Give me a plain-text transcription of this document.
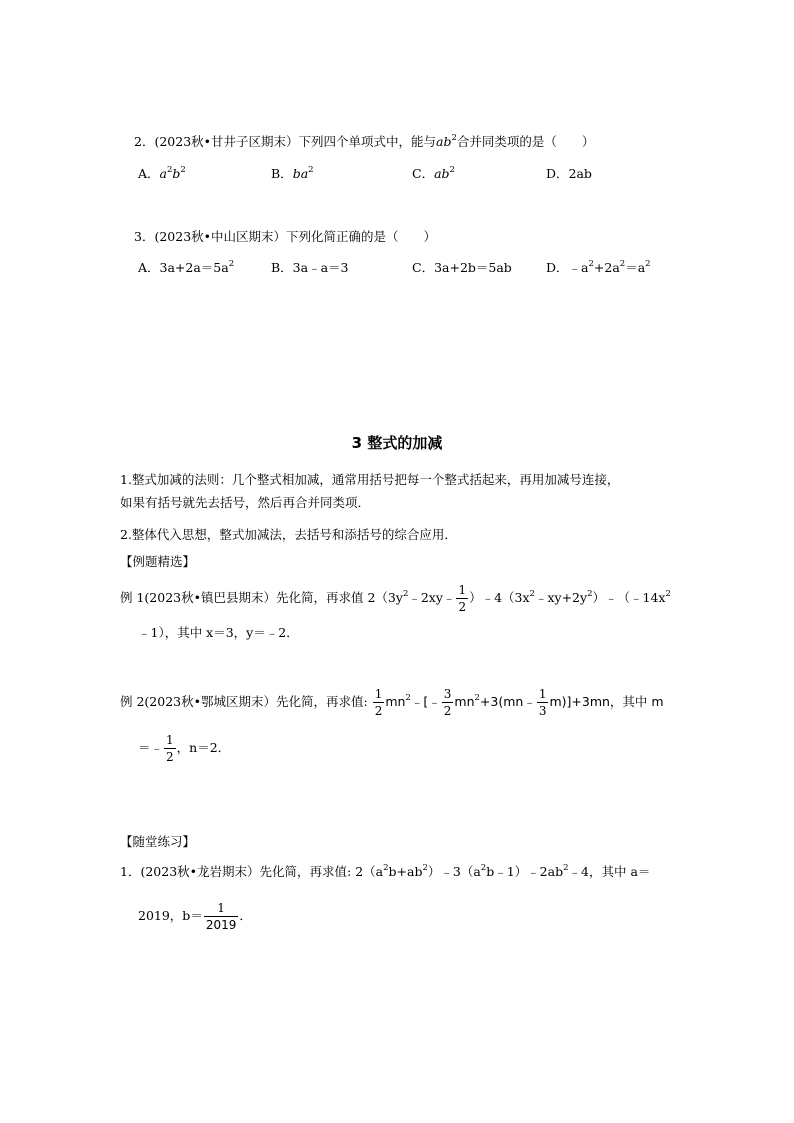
2．(2023秋•甘井子区期末）下列四个单项式中，能与$ab^2$合并同类项的是（　　）
A．$a^2b^2$	B．$ba^2$	C．$ab^2$	D．2ab
3．(2023秋•中山区期末）下列化简正确的是（　　）
A．$3a+2a=5a^2$	B．3a﹣a＝3	C．3a+2b＝5ab	D．$﹣a^2+2a^2=a^2$
3 整式的加减
1.整式加减的法则：几个整式相加减，通常用括号把每一个整式括起来，再用加减号连接，
如果有括号就先去括号，然后再合并同类项．
2.整体代入思想，整式加减法，去括号和添括号的综合应用．
【例题精选】
例 1(2023秋•镇巴县期末）先化简，再求值 $2(3y^2﹣2xy﹣ \frac{1}{2}$ ）$﹣4(3x^2﹣xy+2y^2)﹣(﹣14x^2$
﹣1），其中 x＝3，y＝﹣2．
例 2(2023秋•鄂城区期末）先化简，再求值: $\frac{1}{2}$ $mn^2﹣[﹣ \frac{3}{2}$ $mn^2+3(mn﹣ \frac{1}{3} m)]+3mn$，其中 m
＝﹣ $\frac{1}{2}$ ，n＝2．
【随堂练习】
1．(2023秋•龙岩期末）先化简，再求值: $2(a^2b+ab^2)﹣3(a^2b﹣1)﹣2ab^2﹣4$，其中 a＝
2019，$b= \frac{1}{2019}$ ．
